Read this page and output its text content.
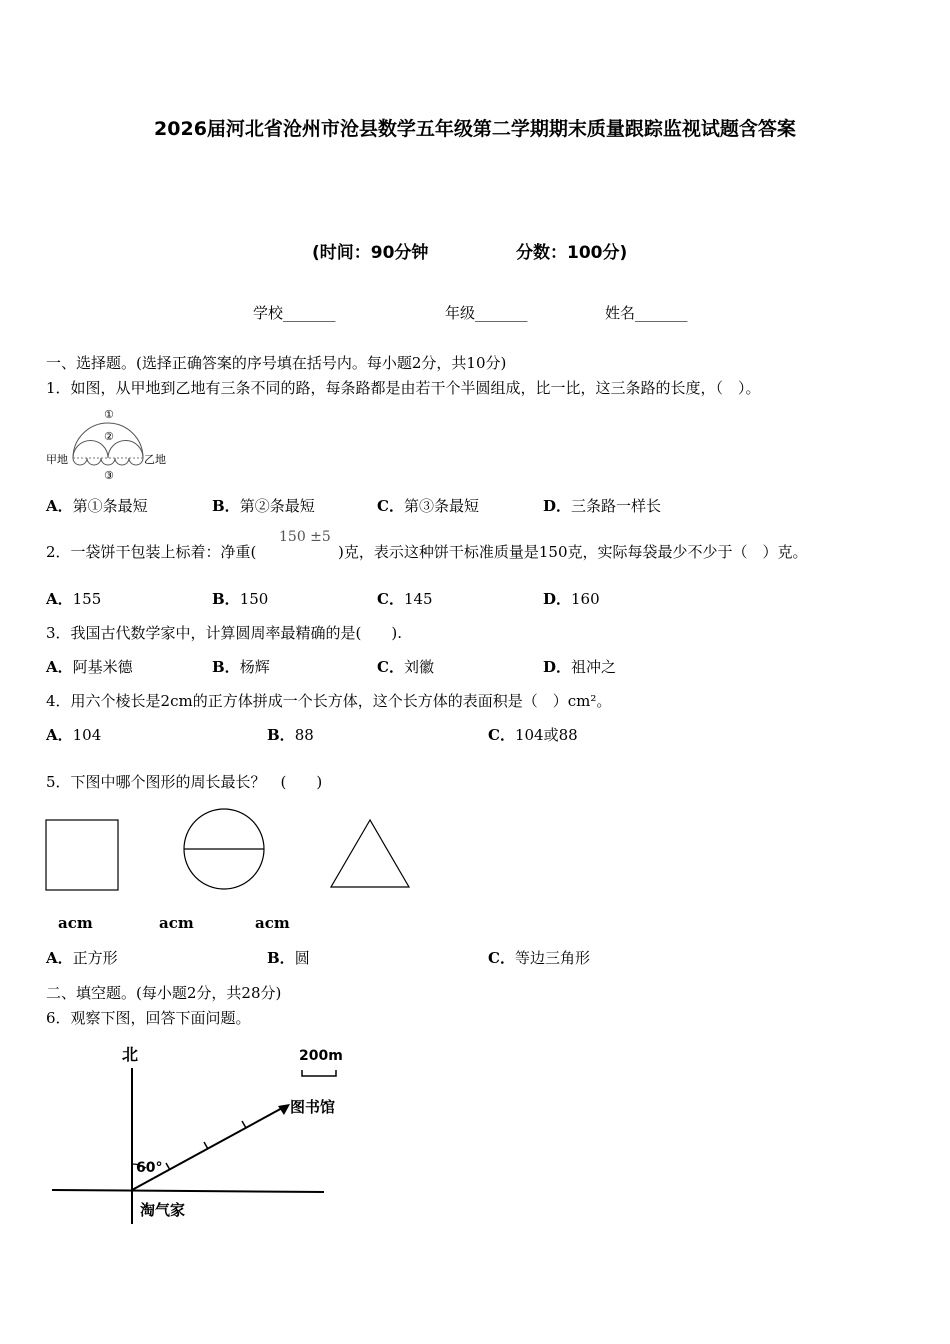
2026届河北省沧州市沧县数学五年级第二学期期末质量跟踪监视试题含答案
(时间：90分钟	分数：100分)
学校_______	年级_______	姓名_______
一、选择题。(选择正确答案的序号填在括号内。每小题2分，共10分)
1．如图，从甲地到乙地有三条不同的路，每条路都是由若干个半圆组成，比一比，这三条路的长度，（　）。
甲地	乙地
①
②
③
A．第①条最短	B．第②条最短	C．第③条最短	D．三条路一样长
2．一袋饼干包装上标着：净重(
150 ±5
)克，表示这种饼干标准质量是150克，实际每袋最少不少于（　）克。
A．155	B．150	C．145	D．160
3．我国古代数学家中，计算圆周率最精确的是(　　).
A．阿基米德	B．杨辉	C．刘徽	D．祖冲之
4．用六个棱长是2cm的正方体拼成一个长方体，这个长方体的表面积是（　）cm²。
A．104	B．88	C．104或88
5．下图中哪个图形的周长最长？　(　　)
acm	acm	acm
A．正方形	B．圆	C．等边三角形
二、填空题。(每小题2分，共28分)
6．观察下图，回答下面问题。
北	200m
图书馆
60°
淘气家
